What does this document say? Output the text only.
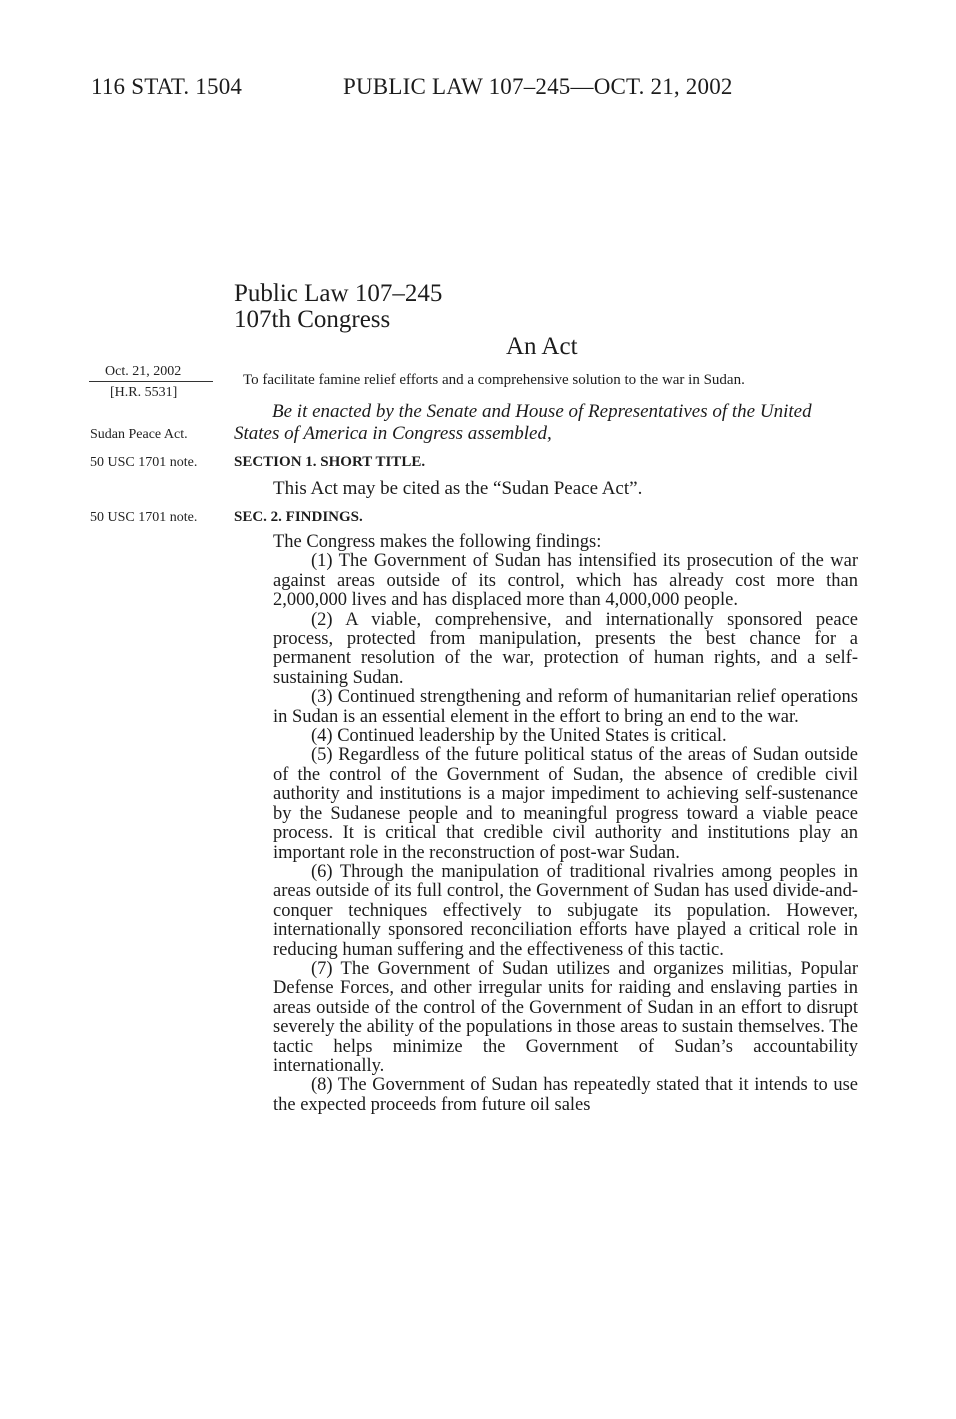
116 STAT. 1504	PUBLIC LAW 107–245—OCT. 21, 2002
Public Law 107–245
107th Congress
An Act
Oct. 21, 2002
[H.R. 5531]
Sudan Peace Act.
50 USC 1701 note.
50 USC 1701 note.
To facilitate famine relief efforts and a comprehensive solution to the war in Sudan.

Be it enacted by the Senate and House of Representatives of the United States of America in Congress assembled,

SECTION 1. SHORT TITLE.
This Act may be cited as the “Sudan Peace Act”.
SEC. 2. FINDINGS.

The Congress makes the following findings:

(1) The Government of Sudan has intensified its prosecution of the war against areas outside of its control, which has already cost more than 2,000,000 lives and has displaced more than 4,000,000 people.

(2) A viable, comprehensive, and internationally sponsored peace process, protected from manipulation, presents the best chance for a permanent resolution of the war, protection of human rights, and a self-sustaining Sudan.

(3) Continued strengthening and reform of humanitarian relief operations in Sudan is an essential element in the effort to bring an end to the war.

(4) Continued leadership by the United States is critical.

(5) Regardless of the future political status of the areas of Sudan outside of the control of the Government of Sudan, the absence of credible civil authority and institutions is a major impediment to achieving self-sustenance by the Sudanese people and to meaningful progress toward a viable peace process. It is critical that credible civil authority and institutions play an important role in the reconstruction of post-war Sudan.

(6) Through the manipulation of traditional rivalries among peoples in areas outside of its full control, the Government of Sudan has used divide-and-conquer techniques effectively to subjugate its population. However, internationally sponsored reconciliation efforts have played a critical role in reducing human suffering and the effectiveness of this tactic.

(7) The Government of Sudan utilizes and organizes militias, Popular Defense Forces, and other irregular units for raiding and enslaving parties in areas outside of the control of the Government of Sudan in an effort to disrupt severely the ability of the populations in those areas to sustain themselves. The tactic helps minimize the Government of Sudan’s accountability internationally.

(8) The Government of Sudan has repeatedly stated that it intends to use the expected proceeds from future oil sales
